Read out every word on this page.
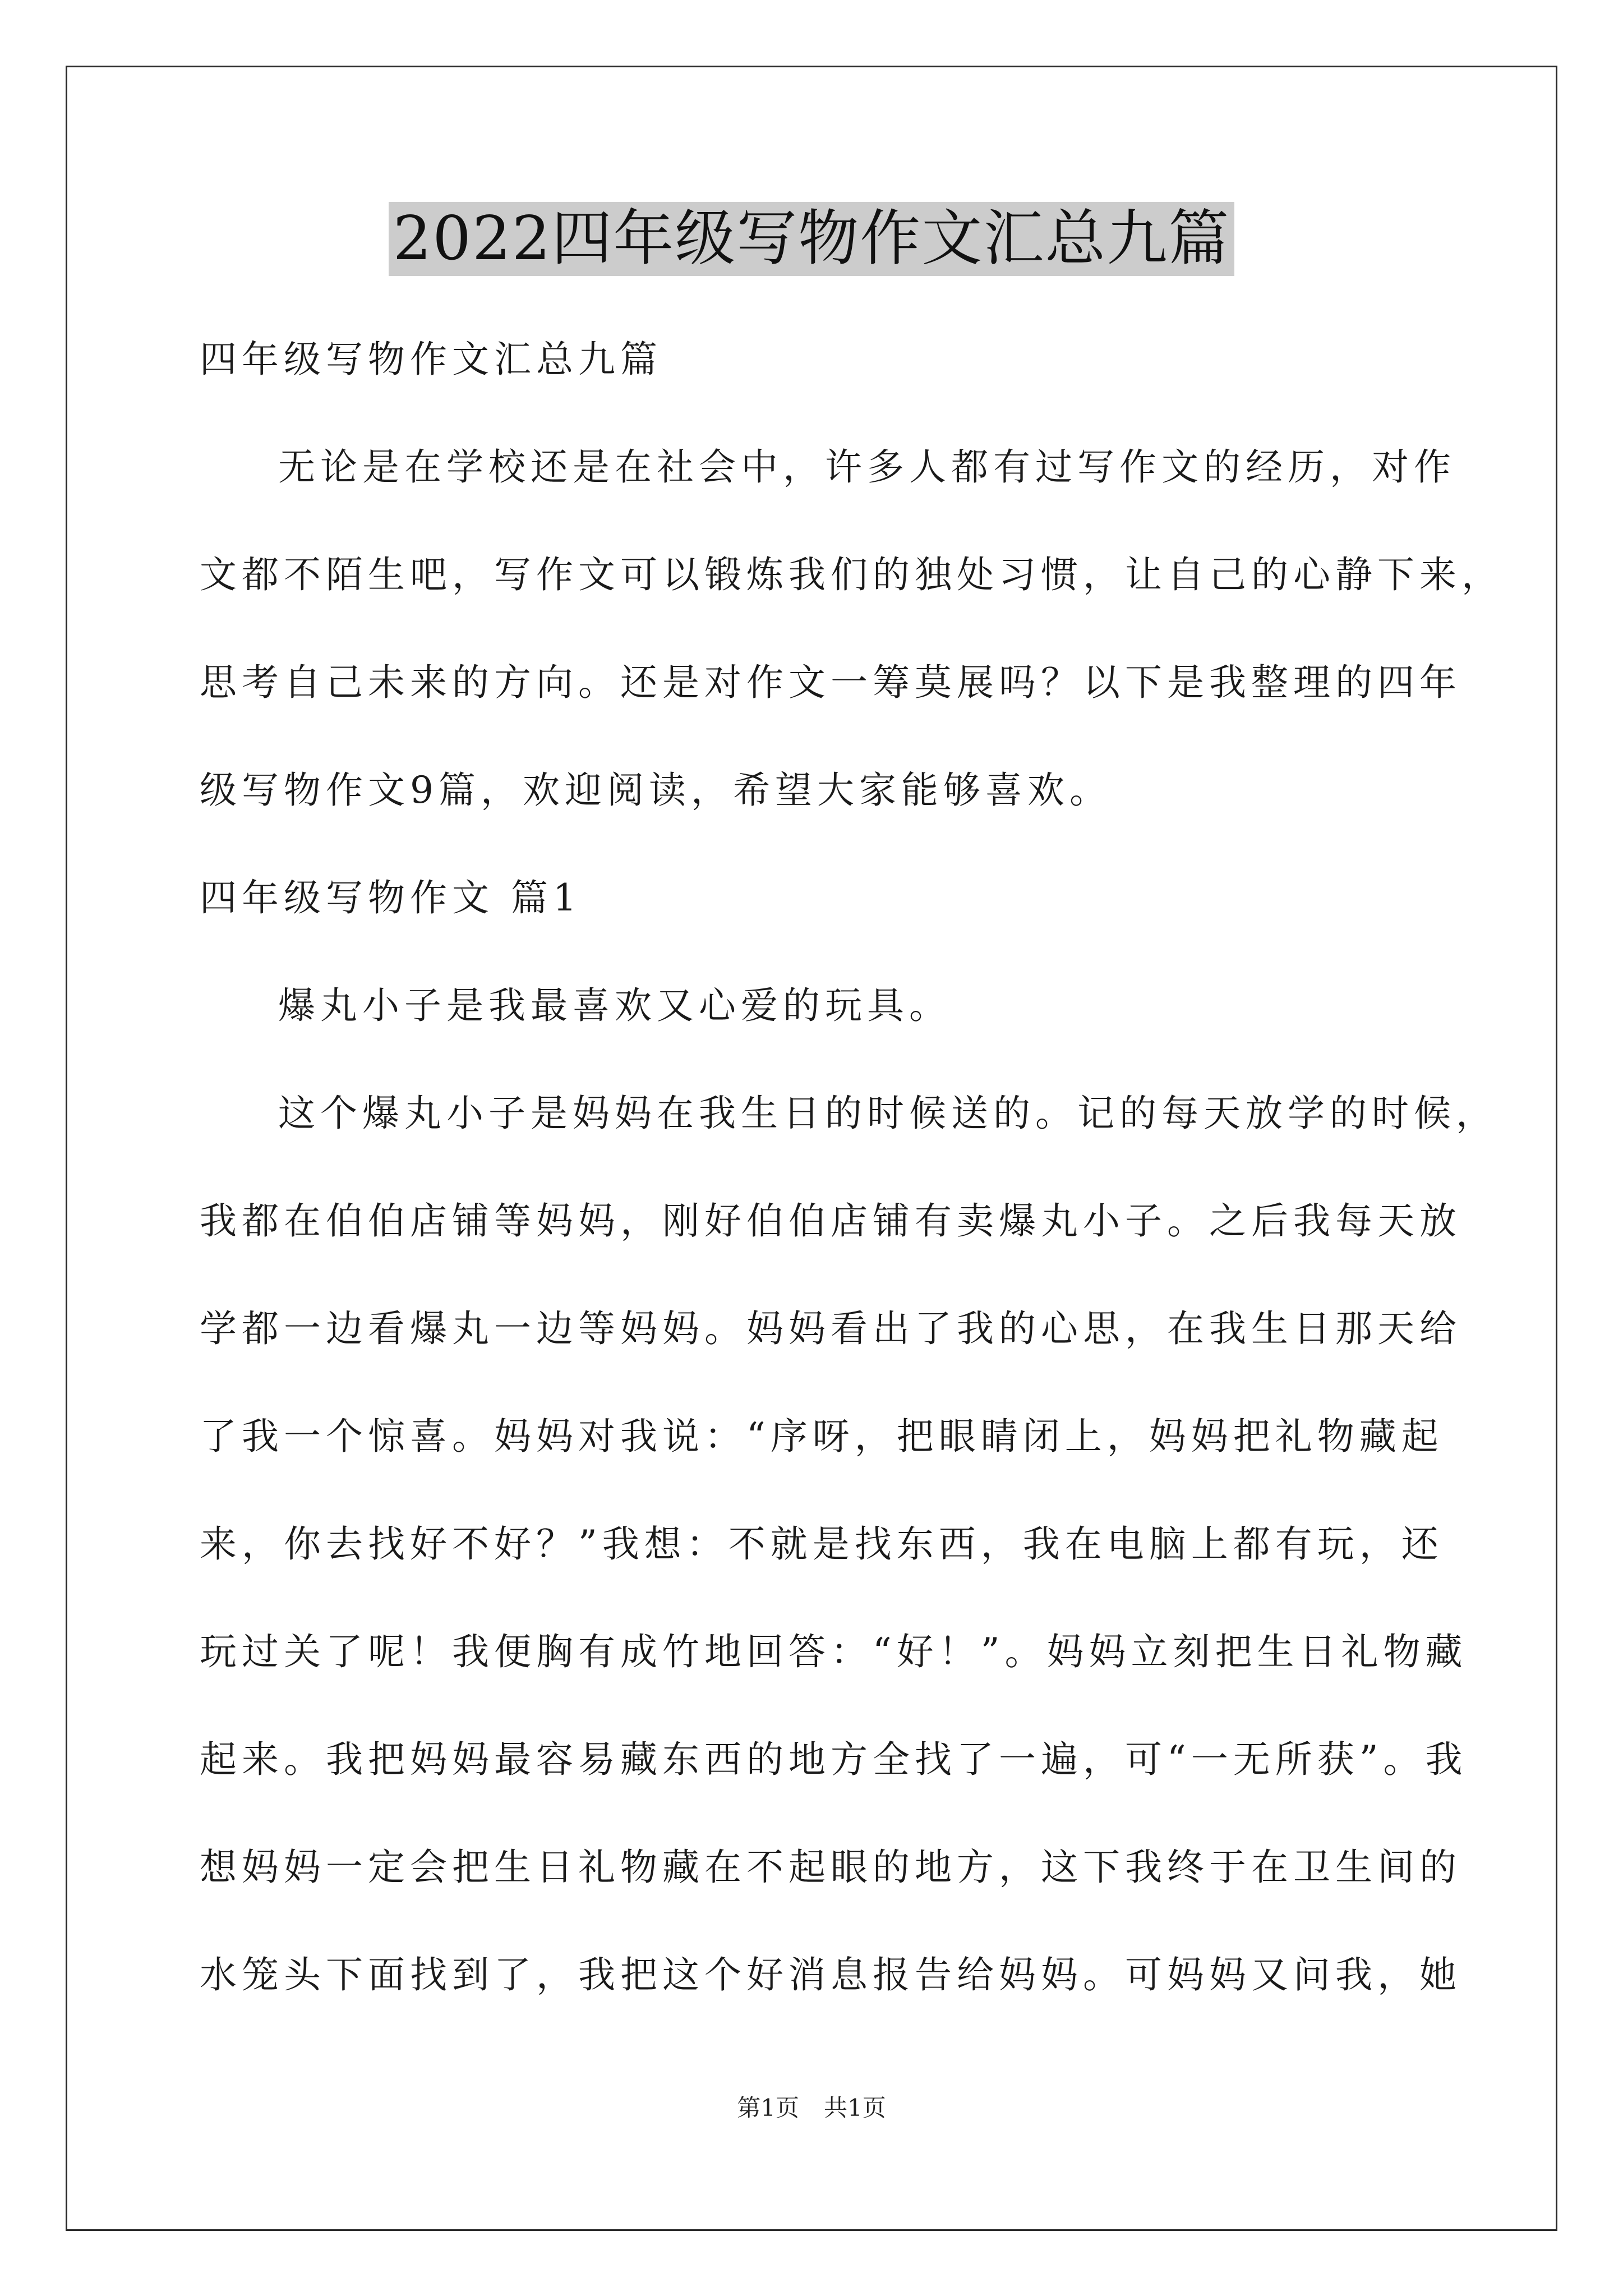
2022四年级写物作文汇总九篇
四年级写物作文汇总九篇
无论是在学校还是在社会中，许多人都有过写作文的经历，对作
文都不陌生吧，写作文可以锻炼我们的独处习惯，让自己的心静下来，
思考自己未来的方向。还是对作文一筹莫展吗？以下是我整理的四年
级写物作文9篇，欢迎阅读，希望大家能够喜欢。
四年级写物作文 篇1
爆丸小子是我最喜欢又心爱的玩具。
这个爆丸小子是妈妈在我生日的时候送的。记的每天放学的时候，
我都在伯伯店铺等妈妈，刚好伯伯店铺有卖爆丸小子。之后我每天放
学都一边看爆丸一边等妈妈。妈妈看出了我的心思，在我生日那天给
了我一个惊喜。妈妈对我说：“序呀，把眼睛闭上，妈妈把礼物藏起
来，你去找好不好？”我想：不就是找东西，我在电脑上都有玩，还
玩过关了呢！我便胸有成竹地回答：“好！”。妈妈立刻把生日礼物藏
起来。我把妈妈最容易藏东西的地方全找了一遍，可“一无所获”。我
想妈妈一定会把生日礼物藏在不起眼的地方，这下我终于在卫生间的
水笼头下面找到了，我把这个好消息报告给妈妈。可妈妈又问我，她
第1页 共1页
